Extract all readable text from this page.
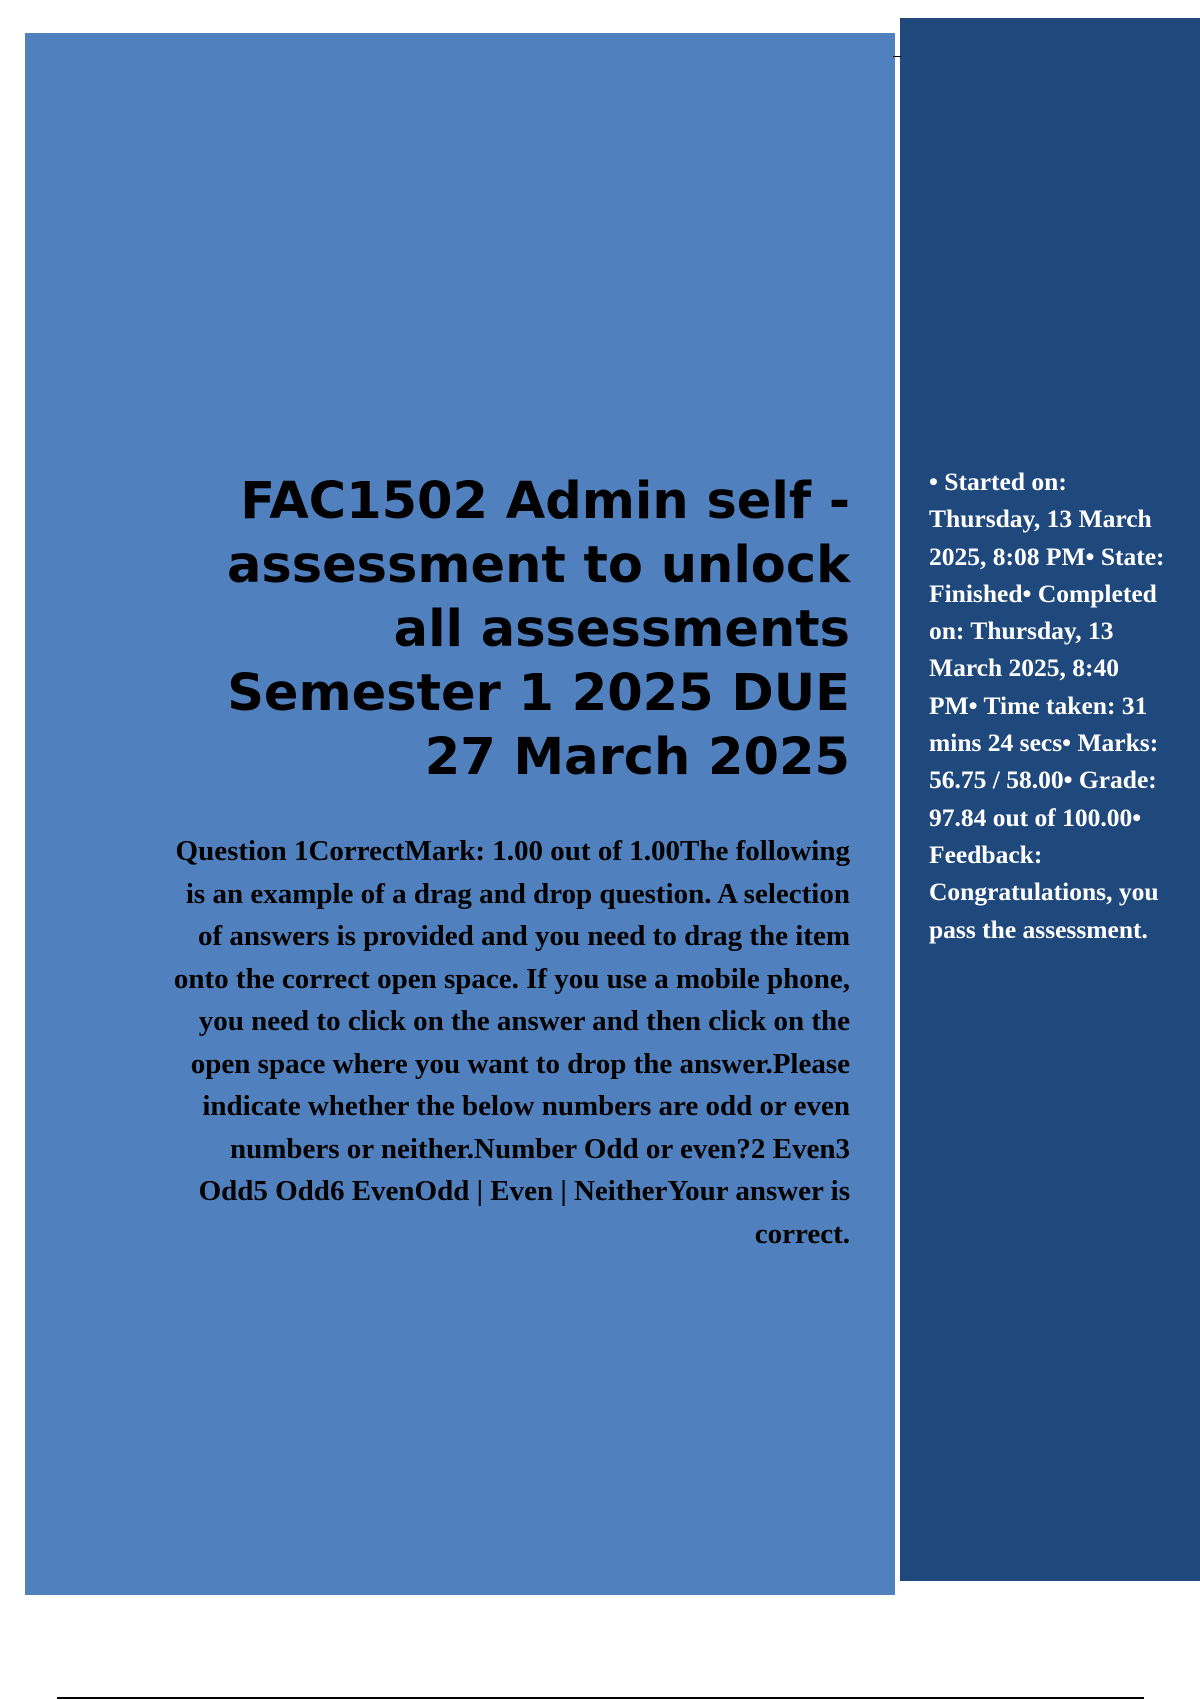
FAC1502 Admin self - assessment to unlock all assessments Semester 1 2025 DUE 27 March 2025

Question 1CorrectMark: 1.00 out of 1.00The following is an example of a drag and drop question. A selection of answers is provided and you need to drag the item onto the correct open space. If you use a mobile phone, you need to click on the answer and then click on the open space where you want to drop the answer.Please indicate whether the below numbers are odd or even numbers or neither.Number Odd or even?2 Even3 Odd5 Odd6 EvenOdd | Even | NeitherYour answer is correct.

• Started on: Thursday, 13 March 2025, 8:08 PM• State: Finished• Completed on: Thursday, 13 March 2025, 8:40 PM• Time taken: 31 mins 24 secs• Marks: 56.75 / 58.00• Grade: 97.84 out of 100.00• Feedback: Congratulations, you pass the assessment.
